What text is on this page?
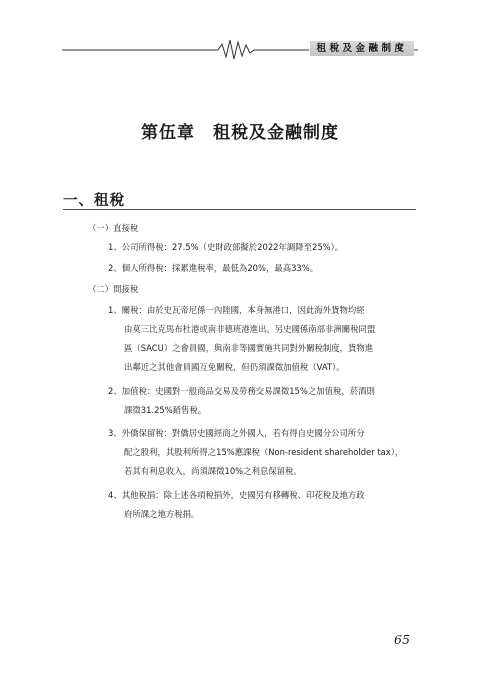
租稅及金融制度
第伍章　租稅及金融制度
一、租稅
（一）直接稅
1、公司所得稅：27.5%（史財政部擬於2022年調降至25%）。
2、個人所得稅：採累進稅率，最低為20%，最高33%。
（二）間接稅
1、關稅：由於史瓦帝尼係一內陸國，本身無港口，因此海外貨物均經
由莫三比克馬布杜港或南非德班港進出。另史國係南部非洲關稅同盟
區（SACU）之會員國，與南非等國實施共同對外關稅制度，貨物進
出鄰近之其他會員國互免關稅，但仍須課徵加值稅（VAT）。
2、加值稅：史國對一般商品交易及勞務交易課徵15%之加值稅，菸酒則
課徵31.25%銷售稅。
3、外僑保留稅：對僑居史國經商之外國人，若有得自史國分公司所分
配之股利，其股利所得之15%應課稅（Non-resident shareholder tax），
若其有利息收入，尚須課徵10%之利息保留稅。
4、其他稅捐：除上述各項稅捐外，史國另有移轉稅、印花稅及地方政
府所課之地方稅捐。
65
